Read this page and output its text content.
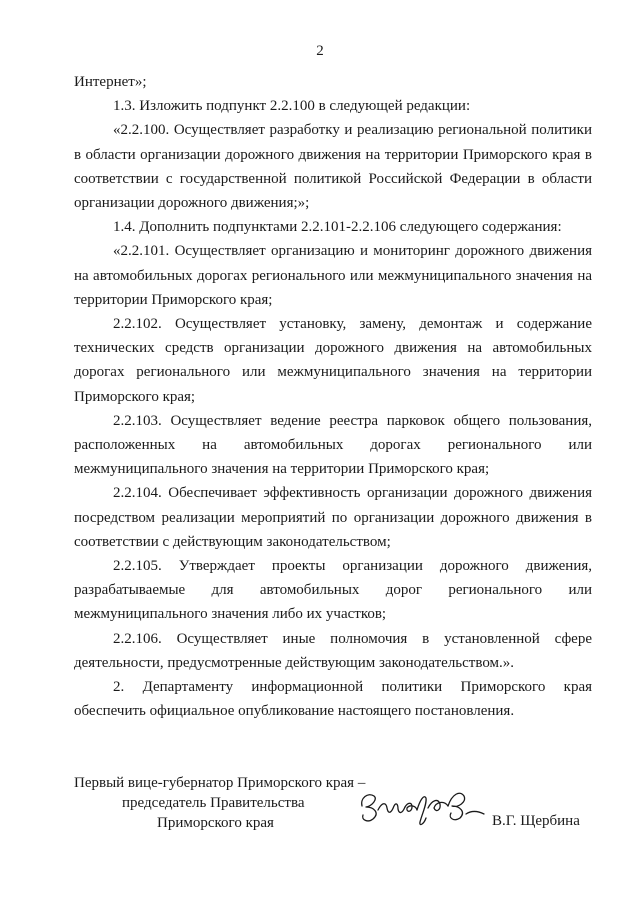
2

Интернет»;

1.3. Изложить подпункт 2.2.100 в следующей редакции:

«2.2.100. Осуществляет разработку и реализацию региональной политики в области организации дорожного движения на территории Приморского края в соответствии с государственной политикой Российской Федерации в области организации дорожного движения;»;

1.4. Дополнить подпунктами 2.2.101-2.2.106 следующего содержания:

«2.2.101. Осуществляет организацию и мониторинг дорожного движения на автомобильных дорогах регионального или межмуниципального значения на территории Приморского края;

2.2.102. Осуществляет установку, замену, демонтаж и содержание технических средств организации дорожного движения на автомобильных дорогах регионального или межмуниципального значения на территории Приморского края;

2.2.103. Осуществляет ведение реестра парковок общего пользования, расположенных на автомобильных дорогах регионального или межмуниципального значения на территории Приморского края;

2.2.104. Обеспечивает эффективность организации дорожного движения посредством реализации мероприятий по организации дорожного движения в соответствии с действующим законодательством;

2.2.105. Утверждает проекты организации дорожного движения, разрабатываемые для автомобильных дорог регионального или межмуниципального значения либо их участков;

2.2.106. Осуществляет иные полномочия в установленной сфере деятельности, предусмотренные действующим законодательством.».

2. Департаменту информационной политики Приморского края обеспечить официальное опубликование настоящего постановления.

Первый вице-губернатор Приморского края –
председатель Правительства
Приморского края	В.Г. Щербина
